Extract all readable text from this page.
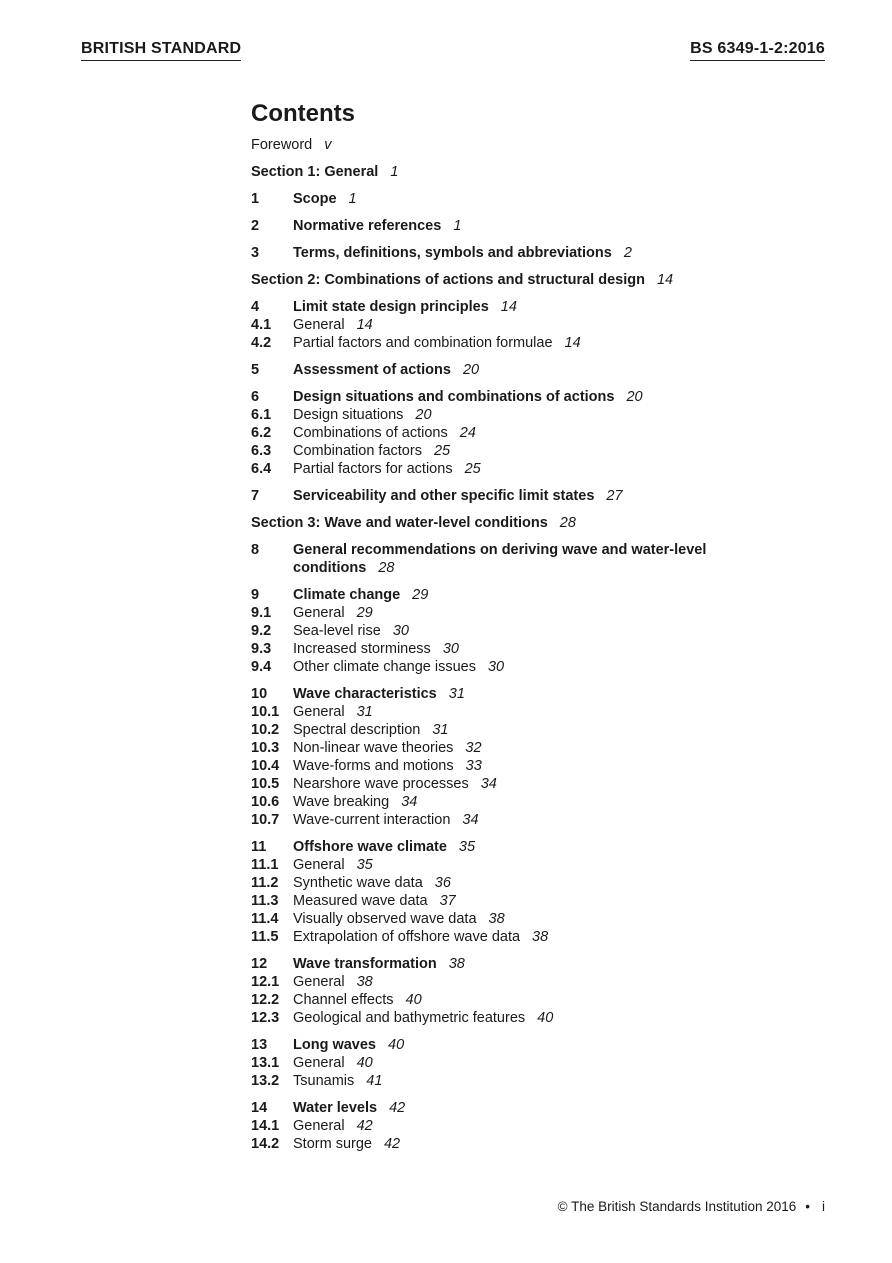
BRITISH STANDARD	BS 6349-1-2:2016
Contents
Foreword v
Section 1: General 1
1	Scope 1
2	Normative references 1
3	Terms, definitions, symbols and abbreviations 2
Section 2: Combinations of actions and structural design 14
4	Limit state design principles 14
4.1	General 14
4.2	Partial factors and combination formulae 14
5	Assessment of actions 20
6	Design situations and combinations of actions 20
6.1	Design situations 20
6.2	Combinations of actions 24
6.3	Combination factors 25
6.4	Partial factors for actions 25
7	Serviceability and other specific limit states 27
Section 3: Wave and water-level conditions 28
8	General recommendations on deriving wave and water-level conditions 28
9	Climate change 29
9.1	General 29
9.2	Sea-level rise 30
9.3	Increased storminess 30
9.4	Other climate change issues 30
10	Wave characteristics 31
10.1 General 31
10.2 Spectral description 31
10.3 Non-linear wave theories 32
10.4 Wave-forms and motions 33
10.5 Nearshore wave processes 34
10.6 Wave breaking 34
10.7 Wave-current interaction 34
11	Offshore wave climate 35
11.1	General 35
11.2	Synthetic wave data 36
11.3	Measured wave data 37
11.4	Visually observed wave data 38
11.5	Extrapolation of offshore wave data 38
12	Wave transformation 38
12.1 General 38
12.2 Channel effects 40
12.3 Geological and bathymetric features 40
13	Long waves 40
13.1 General 40
13.2 Tsunamis 41
14	Water levels 42
14.1 General 42
14.2 Storm surge 42
© The British Standards Institution 2016 • i
